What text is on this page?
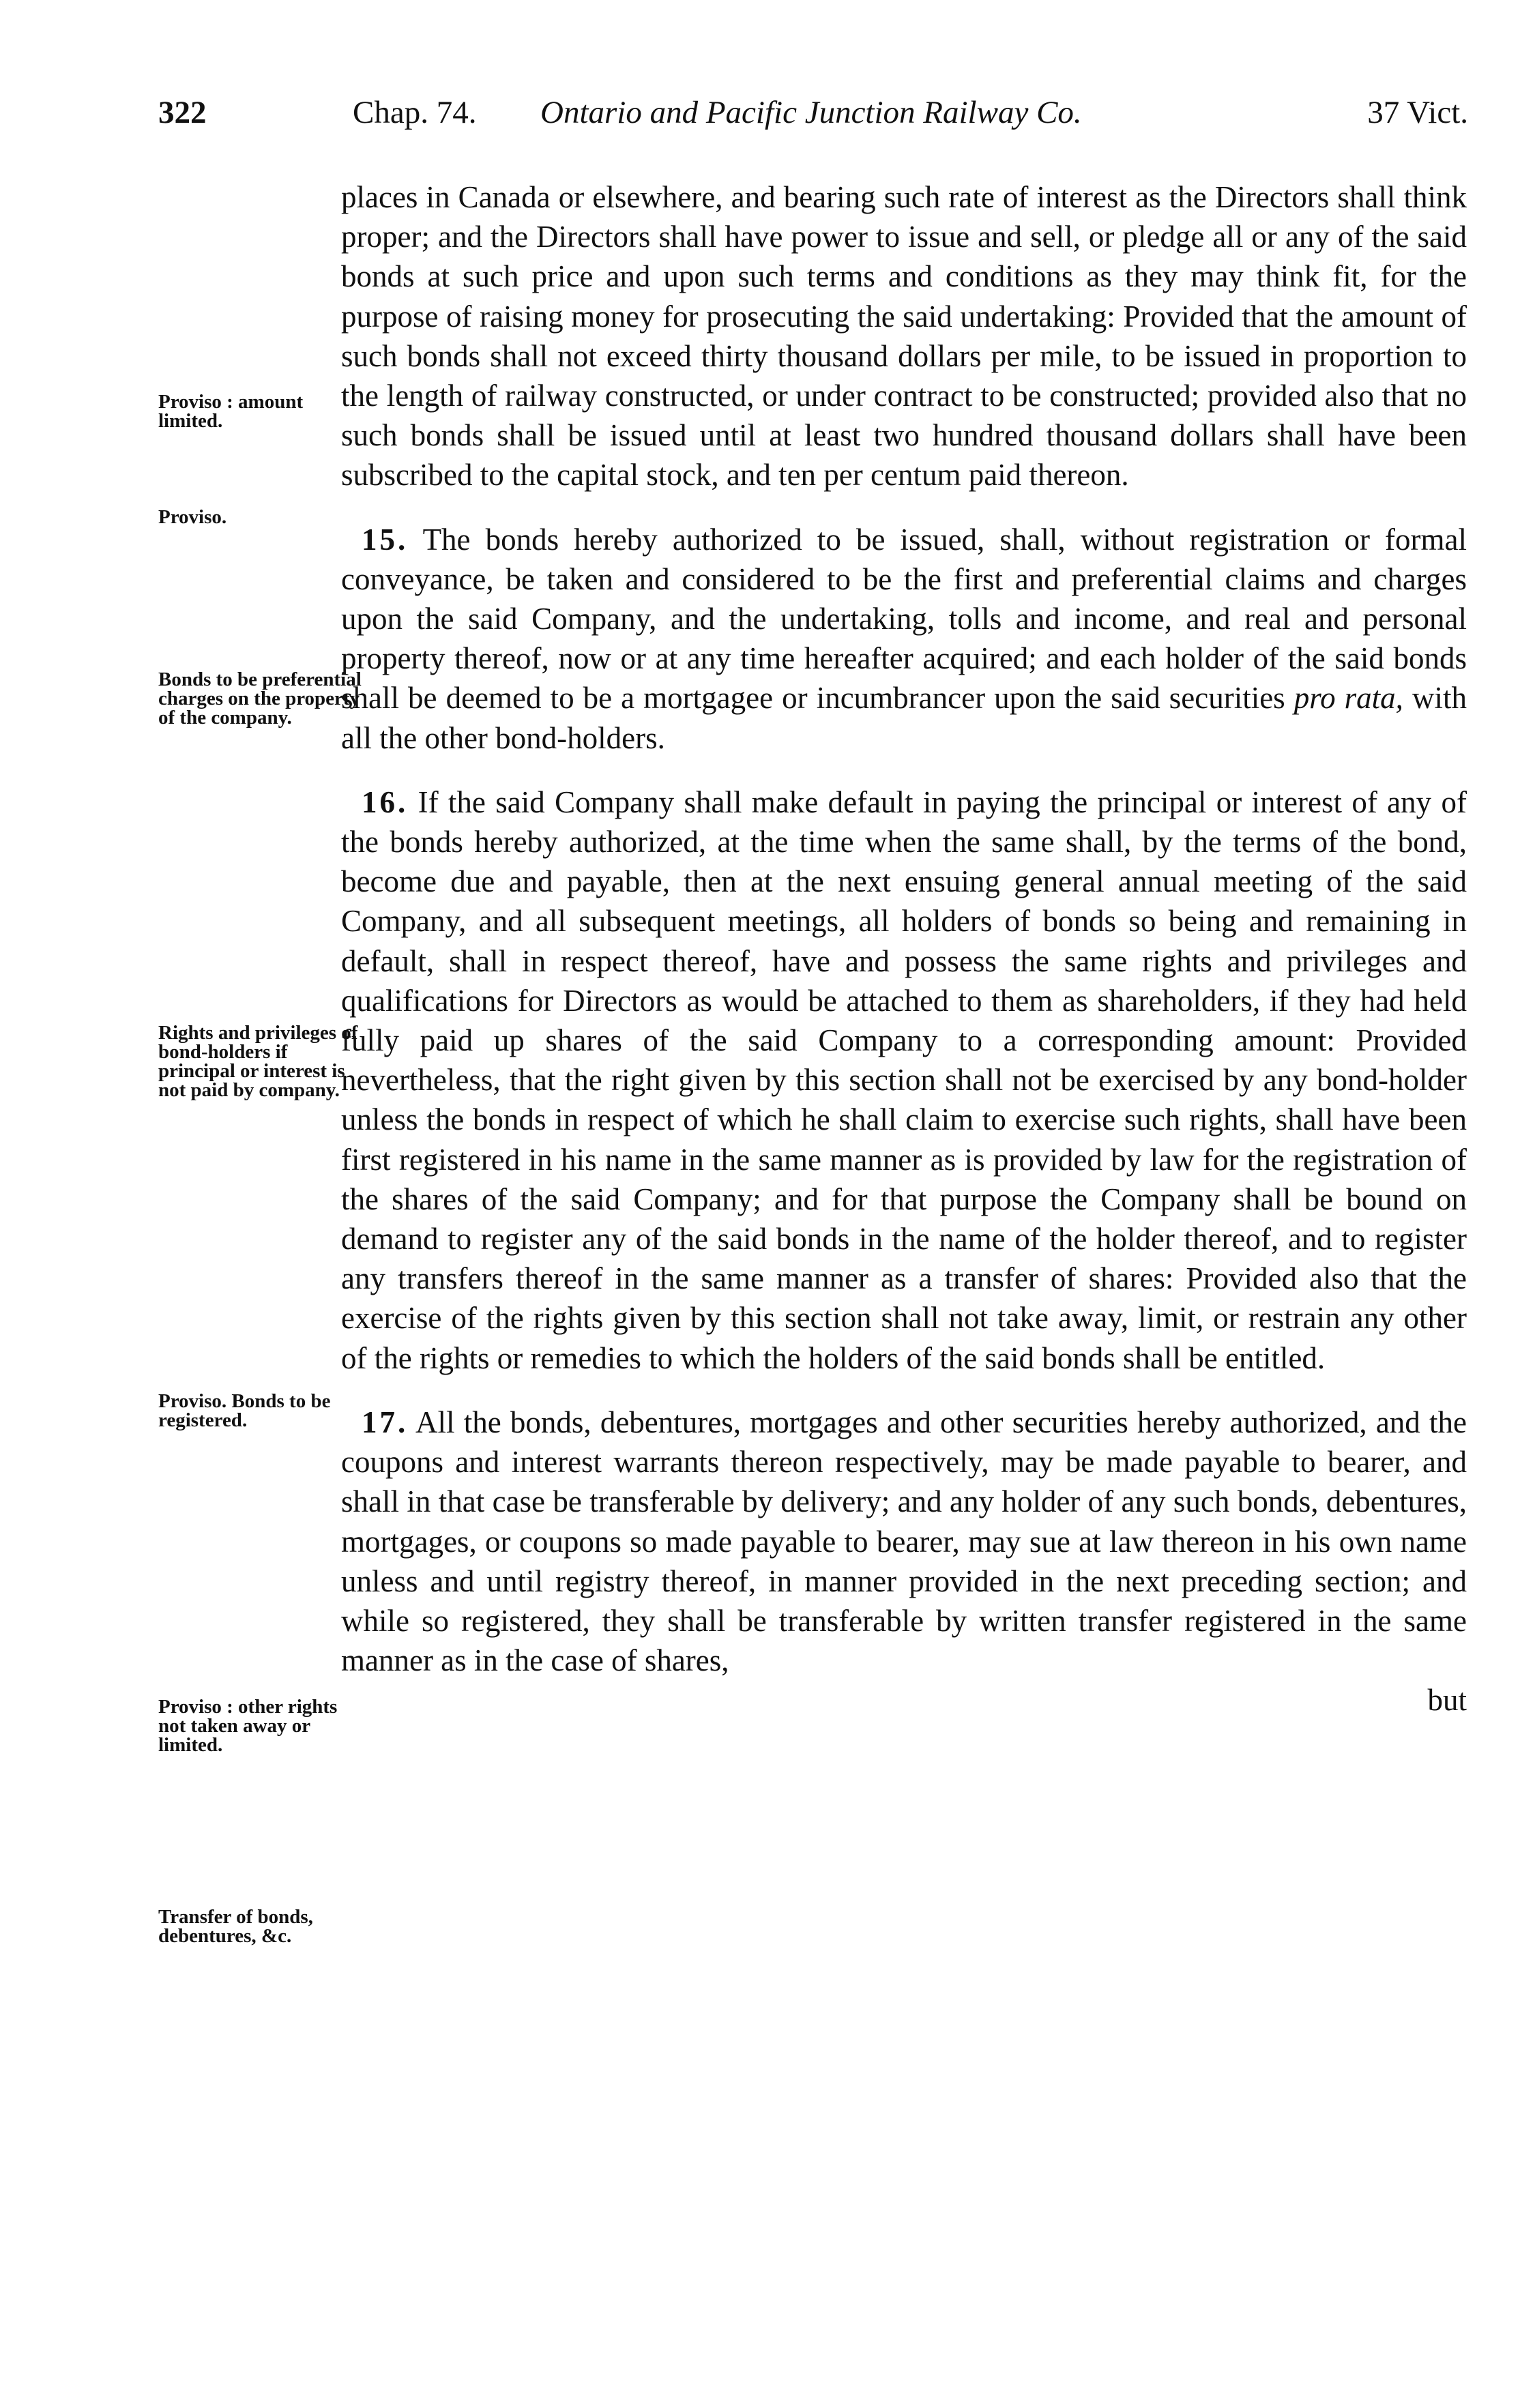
322	Chap. 74. Ontario and Pacific Junction Railway Co.	37 Vict.
Proviso : amount limited.
Proviso.
Bonds to be preferential charges on the property of the company.
Rights and privileges of bond-holders if principal or interest is not paid by company.
Proviso. Bonds to be registered.
Proviso : other rights not taken away or limited.
Transfer of bonds, debentures, &c.

places in Canada or elsewhere, and bearing such rate of interest as the Directors shall think proper; and the Directors shall have power to issue and sell, or pledge all or any of the said bonds at such price and upon such terms and conditions as they may think fit, for the purpose of raising money for prosecuting the said undertaking: Provided that the amount of such bonds shall not exceed thirty thousand dollars per mile, to be issued in proportion to the length of railway constructed, or under contract to be constructed; provided also that no such bonds shall be issued until at least two hundred thousand dollars shall have been subscribed to the capital stock, and ten per centum paid thereon.

15. The bonds hereby authorized to be issued, shall, without registration or formal conveyance, be taken and considered to be the first and preferential claims and charges upon the said Company, and the undertaking, tolls and income, and real and personal property thereof, now or at any time hereafter acquired; and each holder of the said bonds shall be deemed to be a mortgagee or incumbrancer upon the said securities pro rata, with all the other bond-holders.

16. If the said Company shall make default in paying the principal or interest of any of the bonds hereby authorized, at the time when the same shall, by the terms of the bond, become due and payable, then at the next ensuing general annual meeting of the said Company, and all subsequent meetings, all holders of bonds so being and remaining in default, shall in respect thereof, have and possess the same rights and privileges and qualifications for Directors as would be attached to them as shareholders, if they had held fully paid up shares of the said Company to a corresponding amount: Provided nevertheless, that the right given by this section shall not be exercised by any bond-holder unless the bonds in respect of which he shall claim to exercise such rights, shall have been first registered in his name in the same manner as is provided by law for the registration of the shares of the said Company; and for that purpose the Company shall be bound on demand to register any of the said bonds in the name of the holder thereof, and to register any transfers thereof in the same manner as a transfer of shares: Provided also that the exercise of the rights given by this section shall not take away, limit, or restrain any other of the rights or remedies to which the holders of the said bonds shall be entitled.

17. All the bonds, debentures, mortgages and other securities hereby authorized, and the coupons and interest warrants thereon respectively, may be made payable to bearer, and shall in that case be transferable by delivery; and any holder of any such bonds, debentures, mortgages, or coupons so made payable to bearer, may sue at law thereon in his own name unless and until registry thereof, in manner provided in the next preceding section; and while so registered, they shall be transferable by written transfer registered in the same manner as in the case of shares,

but
